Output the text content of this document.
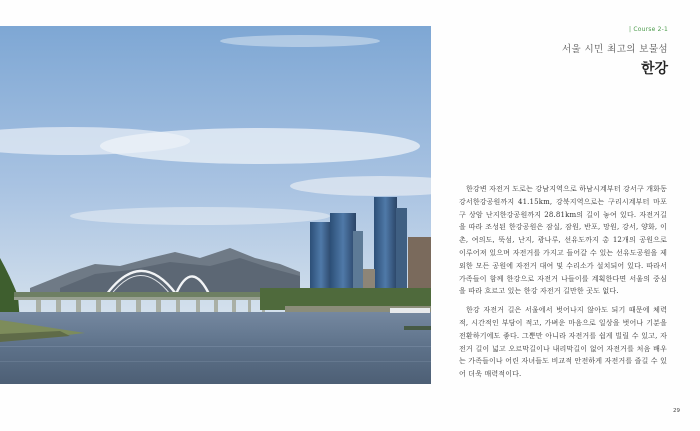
| Course 2-1
서울 시민 최고의 보물섬
한강

한강변 자전거 도로는 강남지역으로 하남시계부터 강서구 개화동 강서한강공원까지 41.15km, 강북지역으로는 구리시계부터 마포구 상암 난지한강공원까지 28.81km의 길이 놓여 있다. 자전거길을 따라 조성된 한강공원은 잠실, 잠원, 반포, 망원, 강서, 양화, 이촌, 여의도, 뚝섬, 난지, 광나루, 선유도까지 총 12개의 공원으로 이루어져 있으며 자전거를 가지고 들어갈 수 있는 선유도공원을 제외한 모든 공원에 자전거 대여 및 수리소가 설치되어 있다. 따라서 가족들이 함께 한강으로 자전거 나들이를 계획한다면 서울의 중심을 따라 흐르고 있는 한강 자전거 길만한 곳도 없다.

한강 자전거 길은 서울에서 벗어나지 않아도 되기 때문에 체력적, 시간적인 부담이 적고, 가벼운 마음으로 일상을 벗어나 기분을 전환하기에도 좋다. 그뿐만 아니라 자전거를 쉽게 빌릴 수 있고, 자전거 길이 넓고 오르막길이나 내리막길이 없어 자전거를 처음 배우는 가족들이나 어린 자녀들도 비교적 안전하게 자전거를 즐길 수 있어 더욱 매력적이다.

29
